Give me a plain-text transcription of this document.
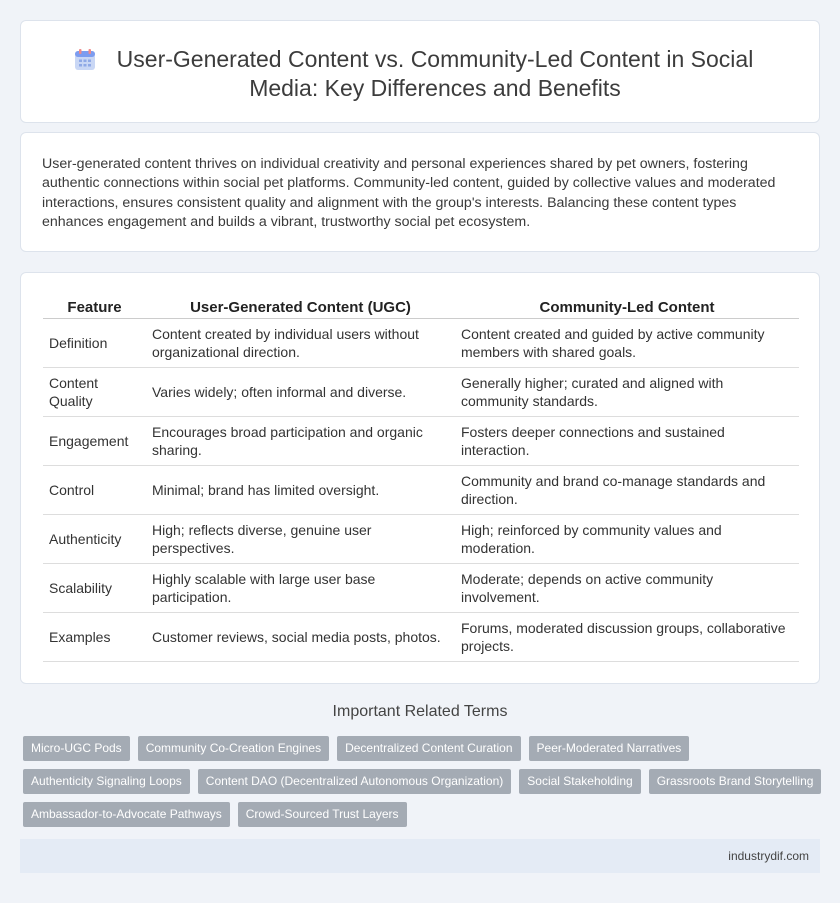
User-Generated Content vs. Community-Led Content in Social Media: Key Differences and Benefits

User-generated content thrives on individual creativity and personal experiences shared by pet owners, fostering authentic connections within social pet platforms. Community-led content, guided by collective values and moderated interactions, ensures consistent quality and alignment with the group's interests. Balancing these content types enhances engagement and builds a vibrant, trustworthy social pet ecosystem.

Feature	User-Generated Content (UGC)	Community-Led Content
Definition	Content created by individual users without organizational direction.	Content created and guided by active community members with shared goals.
Content Quality	Varies widely; often informal and diverse.	Generally higher; curated and aligned with community standards.
Engagement	Encourages broad participation and organic sharing.	Fosters deeper connections and sustained interaction.
Control	Minimal; brand has limited oversight.	Community and brand co-manage standards and direction.
Authenticity	High; reflects diverse, genuine user perspectives.	High; reinforced by community values and moderation.
Scalability	Highly scalable with large user base participation.	Moderate; depends on active community involvement.
Examples	Customer reviews, social media posts, photos.	Forums, moderated discussion groups, collaborative projects.
Important Related Terms
Micro-UGC Pods	Community Co-Creation Engines	Decentralized Content Curation	Peer-Moderated Narratives
Authenticity Signaling Loops	Content DAO (Decentralized Autonomous Organization)	Social Stakeholding	Grassroots Brand Storytelling
Ambassador-to-Advocate Pathways	Crowd-Sourced Trust Layers
industrydif.com
